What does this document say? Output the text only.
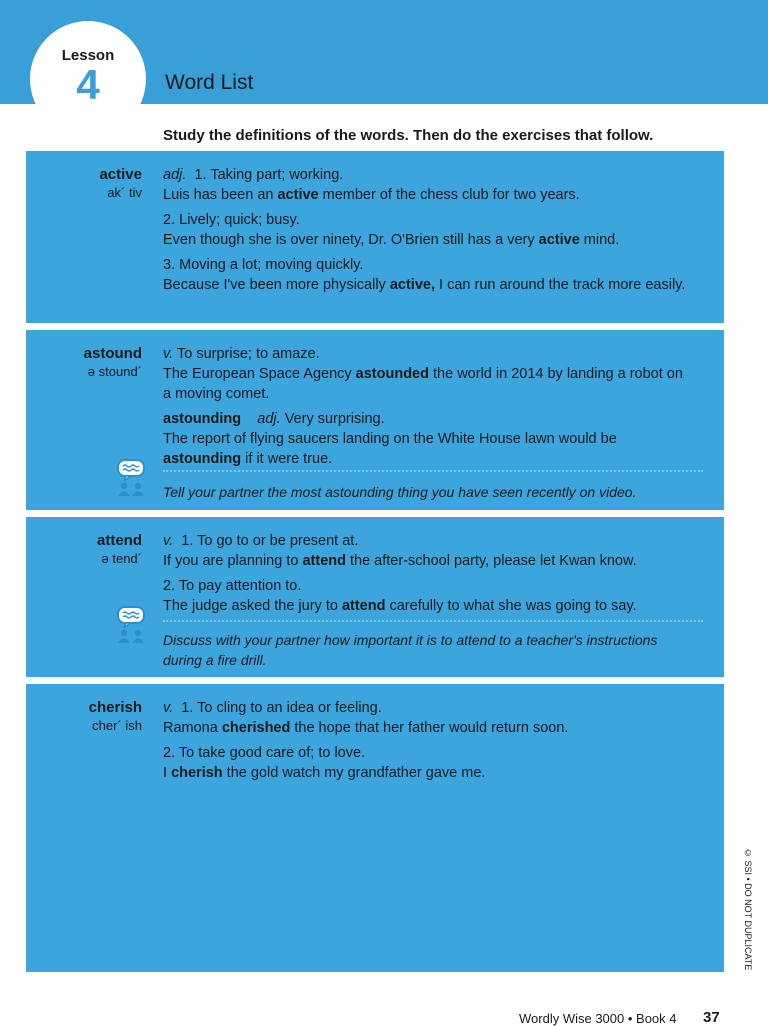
Lesson
4	Word List
Study the definitions of the words. Then do the exercises that follow.
active
ak´ tiv
adj. 1. Taking part; working.
Luis has been an active member of the chess club for two years.
2. Lively; quick; busy.
Even though she is over ninety, Dr. O'Brien still has a very active mind.
3. Moving a lot; moving quickly.
Because I've been more physically active, I can run around the track more easily.
astound
ə stound´
v. To surprise; to amaze.
The European Space Agency astounded the world in 2014 by landing a robot on a moving comet.
astounding adj. Very surprising.
The report of flying saucers landing on the White House lawn would be astounding if it were true.
Tell your partner the most astounding thing you have seen recently on video.
attend
ə tend´
v. 1. To go to or be present at.
If you are planning to attend the after-school party, please let Kwan know.
2. To pay attention to.
The judge asked the jury to attend carefully to what she was going to say.
Discuss with your partner how important it is to attend to a teacher's instructions during a fire drill.
cherish
cher´ ish
v. 1. To cling to an idea or feeling.
Ramona cherished the hope that her father would return soon.
2. To take good care of; to love.
I cherish the gold watch my grandfather gave me.
© SSI • DO NOT DUPLICATE
Wordly Wise 3000 • Book 4 37
